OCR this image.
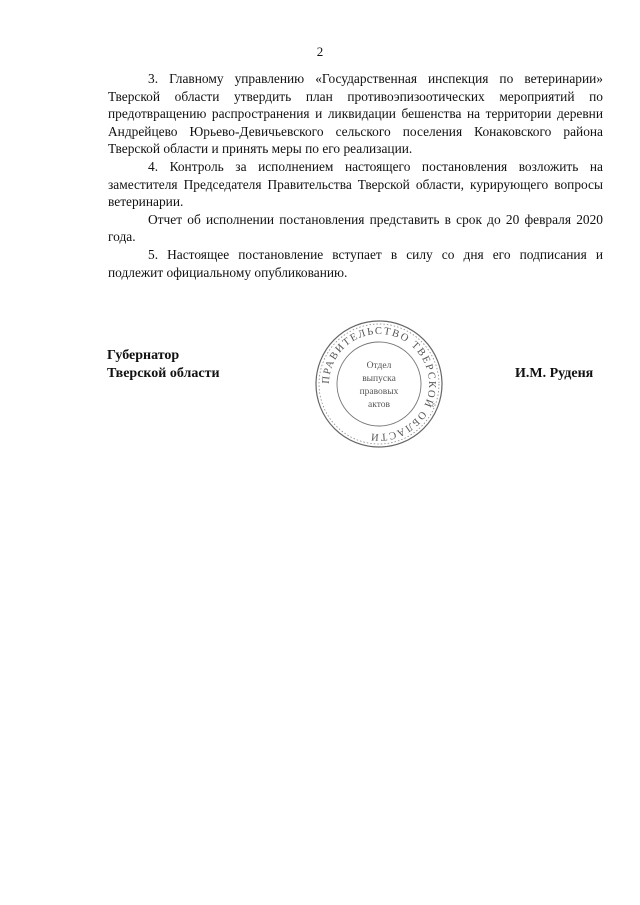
2

3. Главному управлению «Государственная инспекция по ветеринарии» Тверской области утвердить план противоэпизоотических мероприятий по предотвращению распространения и ликвидации бешенства на территории деревни Андрейцево Юрьево-Девичьевского сельского поселения Конаковского района Тверской области и принять меры по его реализации.

4. Контроль за исполнением настоящего постановления возложить на заместителя Председателя Правительства Тверской области, курирующего вопросы ветеринарии.

Отчет об исполнении постановления представить в срок до 20 февраля 2020 года.

5. Настоящее постановление вступает в силу со дня его подписания и подлежит официальному опубликованию.

Губернатор
Тверской области	И.М. Руденя
ПРАВИТЕЛЬСТВО ТВЕРСКОЙ ОБЛАСТИ
Отдел
выпуска
правовых
актов
